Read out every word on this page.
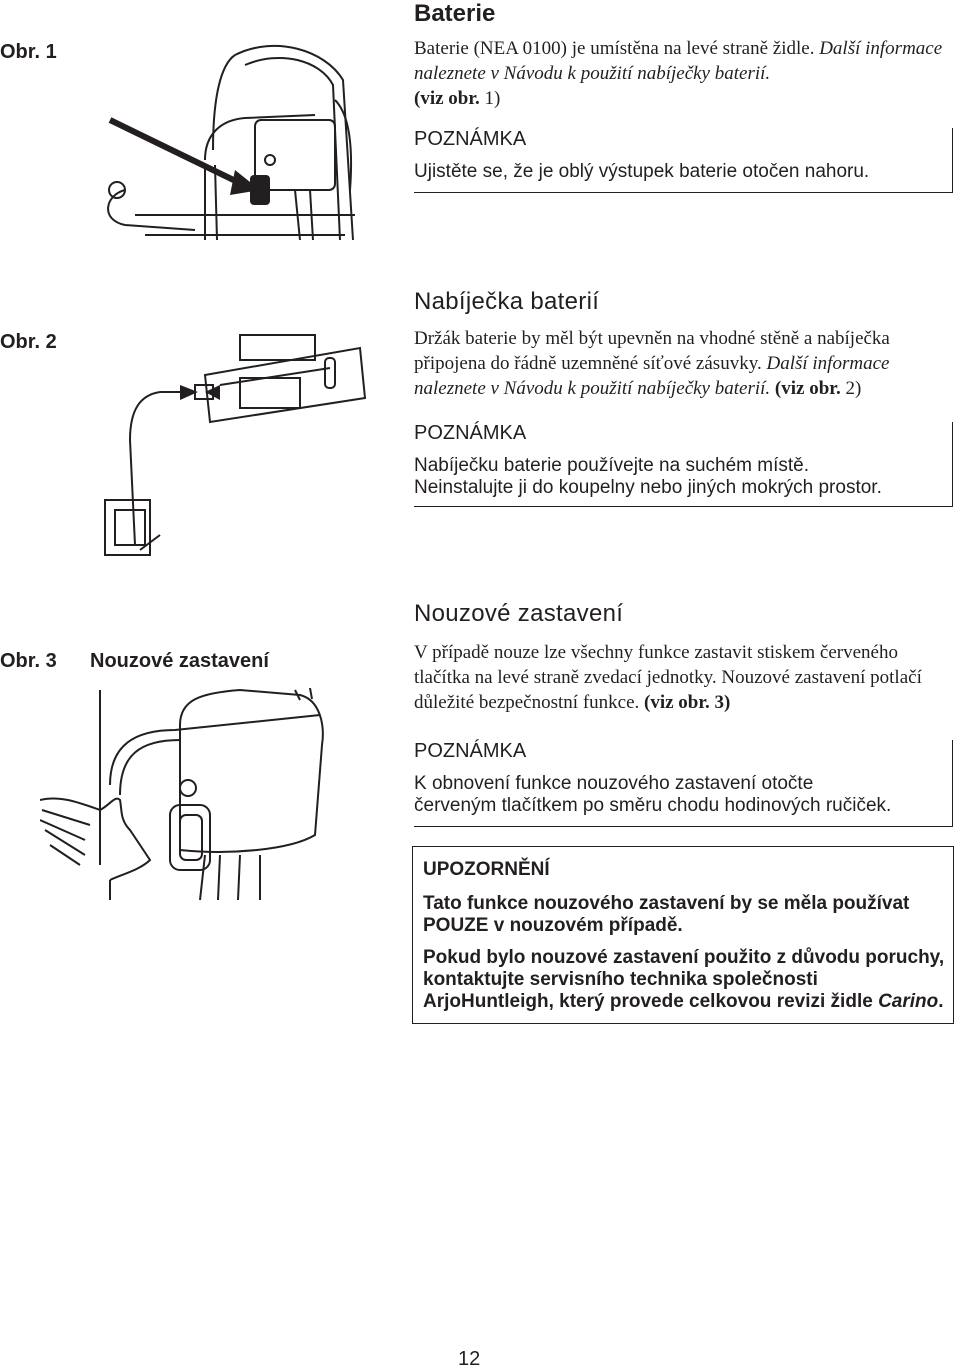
Obr. 1
Obr. 2
Obr. 3 Nouzové zastavení
Baterie
Baterie (NEA 0100) je umístěna na levé straně židle. Další informace naleznete v Návodu k použití nabíječky baterií.
(viz obr. 1)
POZNÁMKA
Ujistěte se, že je oblý výstupek baterie otočen nahoru.
Nabíječka baterií
Držák baterie by měl být upevněn na vhodné stěně a nabíječka připojena do řádně uzemněné síťové zásuvky. Další informace naleznete v Návodu k použití nabíječky baterií. (viz obr. 2)
POZNÁMKA
Nabíječku baterie používejte na suchém místě.
Neinstalujte ji do koupelny nebo jiných mokrých prostor.
Nouzové zastavení
V případě nouze lze všechny funkce zastavit stiskem červeného tlačítka na levé straně zvedací jednotky. Nouzové zastavení potlačí důležité bezpečnostní funkce. (viz obr. 3)
POZNÁMKA
K obnovení funkce nouzového zastavení otočte
červeným tlačítkem po směru chodu hodinových ručiček.

UPOZORNĚNÍ

Tato funkce nouzového zastavení by se měla používat POUZE v nouzovém případě.

Pokud bylo nouzové zastavení použito z důvodu poruchy, kontaktujte servisního technika společnosti ArjoHuntleigh, který provede celkovou revizi židle Carino.

12
